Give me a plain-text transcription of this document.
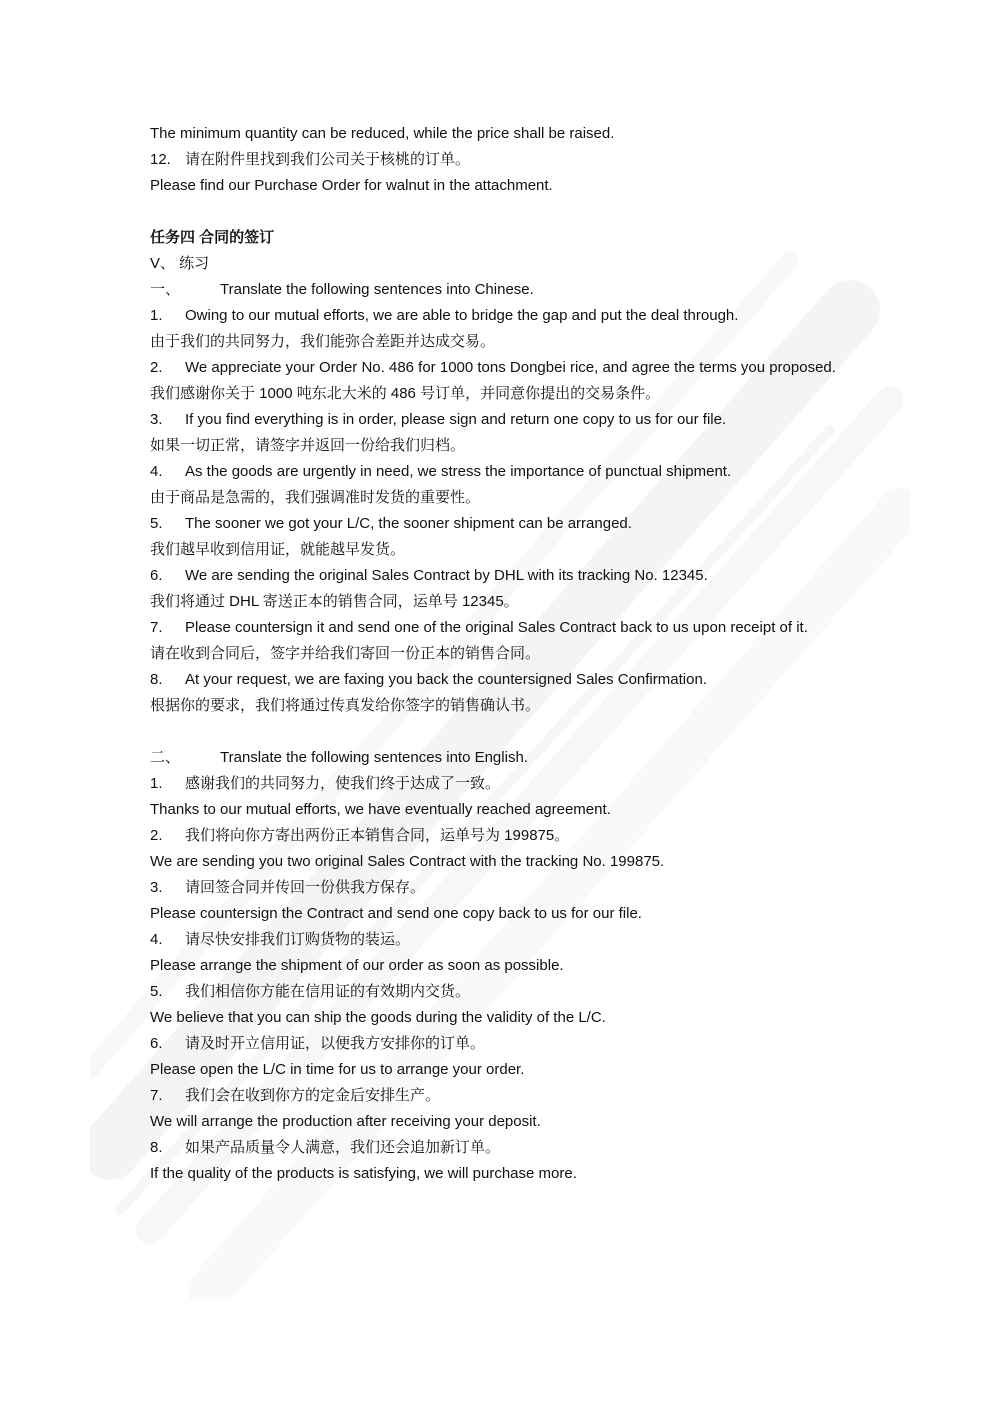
The minimum quantity can be reduced, while the price shall be raised.
12. 请在附件里找到我们公司关于核桃的订单。
Please find our Purchase Order for walnut in the attachment.
任务四 合同的签订
V、 练习
一、	Translate the following sentences into Chinese.
1. Owing to our mutual efforts, we are able to bridge the gap and put the deal through.
由于我们的共同努力，我们能弥合差距并达成交易。
2. We appreciate your Order No. 486 for 1000 tons Dongbei rice, and agree the terms you proposed.
我们感谢你关于 1000 吨东北大米的 486 号订单，并同意你提出的交易条件。
3. If you find everything is in order, please sign and return one copy to us for our file.
如果一切正常，请签字并返回一份给我们归档。
4. As the goods are urgently in need, we stress the importance of punctual shipment.
由于商品是急需的，我们强调准时发货的重要性。
5. The sooner we got your L/C, the sooner shipment can be arranged.
我们越早收到信用证，就能越早发货。
6. We are sending the original Sales Contract by DHL with its tracking No. 12345.
我们将通过 DHL 寄送正本的销售合同，运单号 12345。
7. Please countersign it and send one of the original Sales Contract back to us upon receipt of it.
请在收到合同后，签字并给我们寄回一份正本的销售合同。
8. At your request, we are faxing you back the countersigned Sales Confirmation.
根据你的要求，我们将通过传真发给你签字的销售确认书。
二、	Translate the following sentences into English.
1. 感谢我们的共同努力，使我们终于达成了一致。
Thanks to our mutual efforts, we have eventually reached agreement.
2. 我们将向你方寄出两份正本销售合同，运单号为 199875。
We are sending you two original Sales Contract with the tracking No. 199875.
3. 请回签合同并传回一份供我方保存。
Please countersign the Contract and send one copy back to us for our file.
4. 请尽快安排我们订购货物的装运。
Please arrange the shipment of our order as soon as possible.
5. 我们相信你方能在信用证的有效期内交货。
We believe that you can ship the goods during the validity of the L/C.
6. 请及时开立信用证，以便我方安排你的订单。
Please open the L/C in time for us to arrange your order.
7. 我们会在收到你方的定金后安排生产。
We will arrange the production after receiving your deposit.
8. 如果产品质量令人满意，我们还会追加新订单。
If the quality of the products is satisfying, we will purchase more.
